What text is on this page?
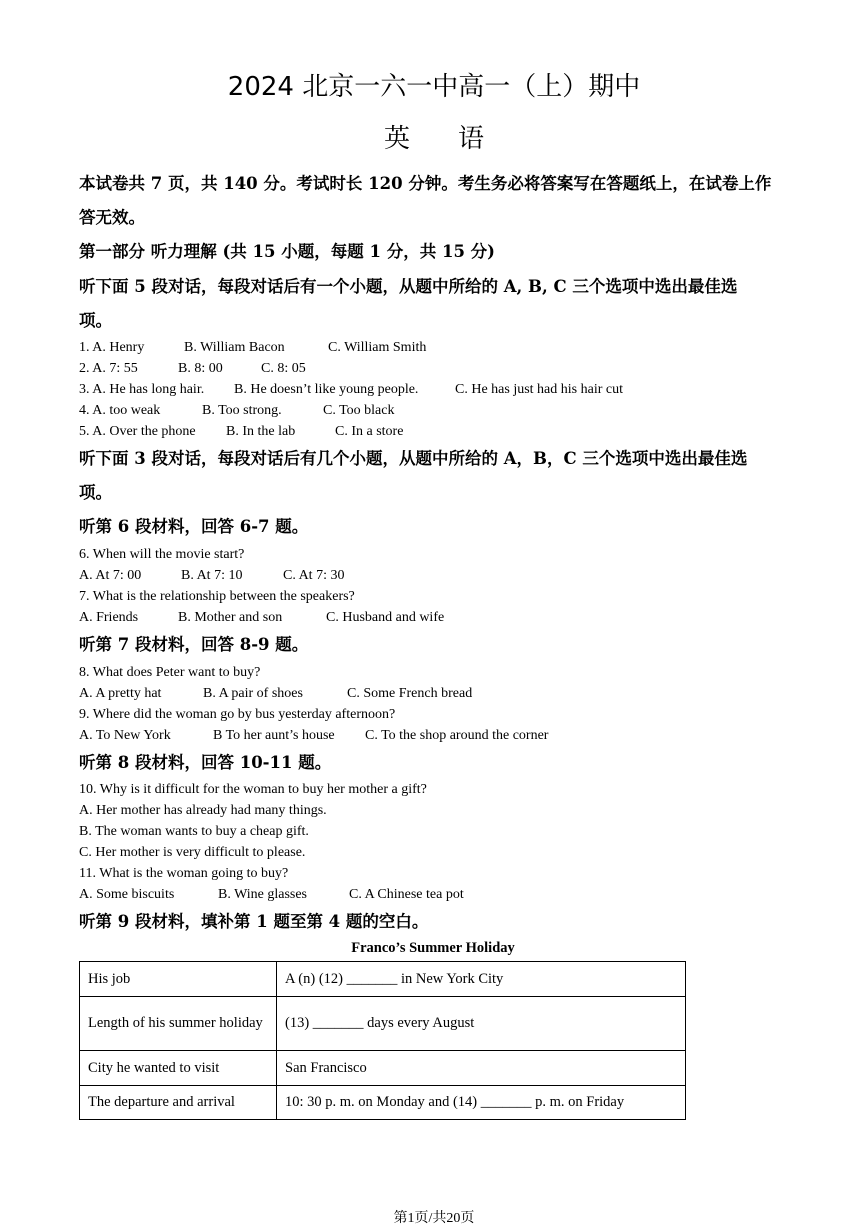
2024 北京一六一中高一（上）期中
英语
本试卷共 7 页，共 140 分。考试时长 120 分钟。考生务必将答案写在答题纸上，在试卷上作
答无效。
第一部分 听力理解 (共 15 小题，每题 1 分，共 15 分)
听下面 5 段对话，每段对话后有一个小题，从题中所给的 A, B, C 三个选项中选出最佳选
项。
1. A. Henry	B. William Bacon	C. William Smith
2. A. 7: 55	B. 8: 00	C. 8: 05
3. A. He has long hair. B. He doesn’t like young people.	C. He has just had his hair cut
4. A. too weak	B. Too strong.	C. Too black
5. A. Over the phone B. In the lab	C. In a store
听下面 3 段对话，每段对话后有几个小题，从题中所给的 A，B，C 三个选项中选出最佳选
项。
听第 6 段材料，回答 6-7 题。
6. When will the movie start?
A. At 7: 00	B. At 7: 10	C. At 7: 30
7. What is the relationship between the speakers?
A. Friends	B. Mother and son	C. Husband and wife
听第 7 段材料，回答 8-9 题。
8. What does Peter want to buy?
A. A pretty hat	B. A pair of shoes	C. Some French bread
9. Where did the woman go by bus yesterday afternoon?
A. To New York	B To her aunt’s house C. To the shop around the corner
听第 8 段材料，回答 10-11 题。
10. Why is it difficult for the woman to buy her mother a gift?
A. Her mother has already had many things.
B. The woman wants to buy a cheap gift.
C. Her mother is very difficult to please.
11. What is the woman going to buy?
A. Some biscuits	B. Wine glasses	C. A Chinese tea pot
听第 9 段材料，填补第 1 题至第 4 题的空白。
Franco’s Summer Holiday
His job	A (n) (12) _______ in New York City
Length of his summer holiday	(13) _______ days every August
City he wanted to visit	San Francisco
The departure and arrival	10: 30 p. m. on Monday and (14) _______ p. m. on Friday
第1页/共20页
